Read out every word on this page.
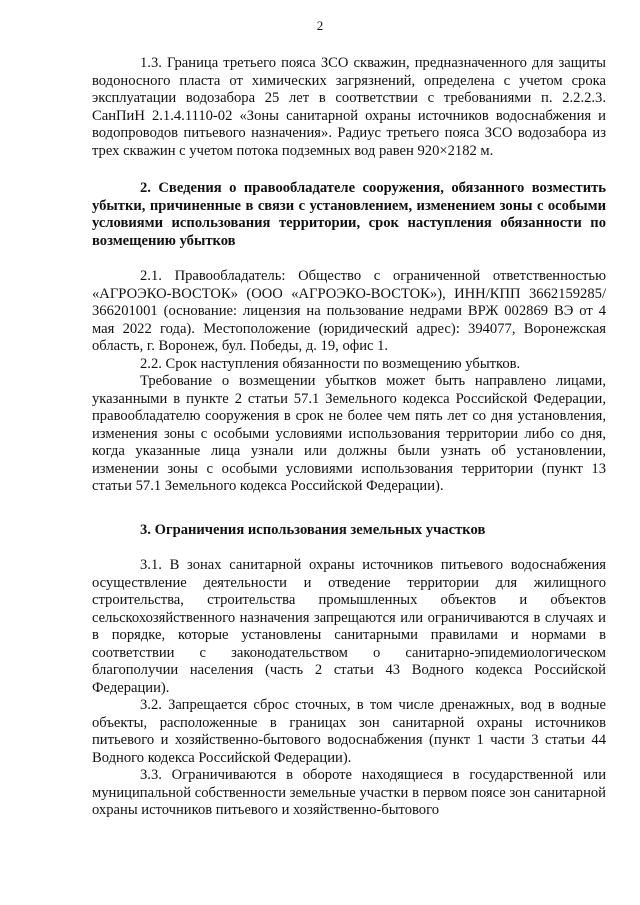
2

1.3. Граница третьего пояса ЗСО скважин, предназначенного для защиты водоносного пласта от химических загрязнений, определена с учетом срока эксплуатации водозабора 25 лет в соответствии с требованиями п. 2.2.2.3. СанПиН 2.1.4.1110-02 «Зоны санитарной охраны источников водоснабжения и водопроводов питьевого назначения». Радиус третьего пояса ЗСО водозабора из трех скважин с учетом потока подземных вод равен 920×2182 м.

2. Сведения о правообладателе сооружения, обязанного возместить убытки, причиненные в связи с установлением, изменением зоны с особыми условиями использования территории, срок наступления обязанности по возмещению убытков

2.1. Правообладатель: Общество с ограниченной ответственностью «АГРОЭКО-ВОСТОК» (ООО «АГРОЭКО-ВОСТОК»), ИНН/КПП 3662159285/ 366201001 (основание: лицензия на пользование недрами ВРЖ 002869 ВЭ от 4 мая 2022 года). Местоположение (юридический адрес): 394077, Воронежская область, г. Воронеж, бул. Победы, д. 19, офис 1.

2.2. Срок наступления обязанности по возмещению убытков.

Требование о возмещении убытков может быть направлено лицами, указанными в пункте 2 статьи 57.1 Земельного кодекса Российской Федерации, правообладателю сооружения в срок не более чем пять лет со дня установления, изменения зоны с особыми условиями использования территории либо со дня, когда указанные лица узнали или должны были узнать об установлении, изменении зоны с особыми условиями использования территории (пункт 13 статьи 57.1 Земельного кодекса Российской Федерации).

3. Ограничения использования земельных участков

3.1. В зонах санитарной охраны источников питьевого водоснабжения осуществление деятельности и отведение территории для жилищного строительства, строительства промышленных объектов и объектов сельскохозяйственного назначения запрещаются или ограничиваются в случаях и в порядке, которые установлены санитарными правилами и нормами в соответствии с законодательством о санитарно-эпидемиологическом благополучии населения (часть 2 статьи 43 Водного кодекса Российской Федерации).

3.2. Запрещается сброс сточных, в том числе дренажных, вод в водные объекты, расположенные в границах зон санитарной охраны источников питьевого и хозяйственно-бытового водоснабжения (пункт 1 части 3 статьи 44 Водного кодекса Российской Федерации).

3.3. Ограничиваются в обороте находящиеся в государственной или муниципальной собственности земельные участки в первом поясе зон санитарной охраны источников питьевого и хозяйственно-бытового
